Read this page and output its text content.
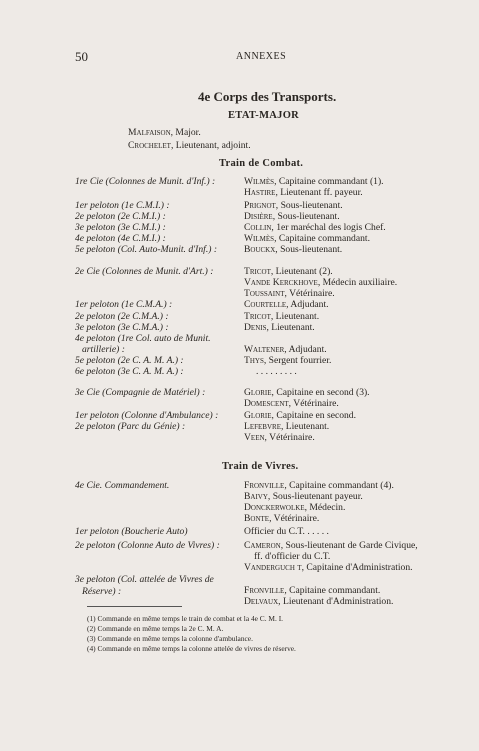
50	ANNEXES
4e Corps des Transports.
ETAT-MAJOR
Malfaison, Major.
Crochelet, Lieutenant, adjoint.
Train de Combat.
1re Cie (Colonnes de Munit. d'Inf.) :
1er peloton (1e C.M.I.) :
2e peloton (2e C.M.I.) :
3e peloton (3e C.M.I.) :
4e peloton (4e C.M.I.) :
5e peloton (Col. Auto-Munit. d'Inf.) :
2e Cie (Colonnes de Munit. d'Art.) :
1er peloton (1e C.M.A.) :
2e peloton (2e C.M.A.) :
3e peloton (3e C.M.A.) :
4e peloton (1re Col. auto de Munit.
artillerie) :
5e peloton (2e C. A. M. A.) :
6e peloton (3e C. A. M. A.) :
3e Cie (Compagnie de Matériel) :
1er peloton (Colonne d'Ambulance) :
2e peloton (Parc du Génie) :
Wilmès, Capitaine commandant (1).
Hastire, Lieutenant ff. payeur.
Prignot, Sous-lieutenant.
Disière, Sous-lieutenant.
Collin, 1er maréchal des logis Chef.
Wilmès, Capitaine commandant.
Bouckx, Sous-lieutenant.
Tricot, Lieutenant (2).
Vande Kerckhove, Médecin auxiliaire.
Toussaint, Vétérinaire.
Courtelle, Adjudant.
Tricot, Lieutenant.
Denis, Lieutenant.
Waltener, Adjudant.
Thys, Sergent fourrier.
. . . . . . . . .
Glorie, Capitaine en second (3).
Domescent, Vétérinaire.
Glorie, Capitaine en second.
Lefebvre, Lieutenant.
Veen, Vétérinaire.
Train de Vivres.
4e Cie. Commandement.
1er peloton (Boucherie Auto)
2e peloton (Colonne Auto de Vivres) :
3e peloton (Col. attelée de Vivres de
Réserve) :
Fronville, Capitaine commandant (4).
Baivy, Sous-lieutenant payeur.
Donckerwolke, Médecin.
Bonte, Vétérinaire.
Officier du C.T. . . . . .
Cameron, Sous-lieutenant de Garde Civique,
ff. d'officier du C.T.
Vanderguch t, Capitaine d'Administration.
Fronville, Capitaine commandant.
Delvaux, Lieutenant d'Administration.
(1) Commande en même temps le train de combat et la 4e C. M. I.
(2) Commande en même temps la 2e C. M. A.
(3) Commande en même temps la colonne d'ambulance.
(4) Commande en même temps la colonne attelée de vivres de réserve.
